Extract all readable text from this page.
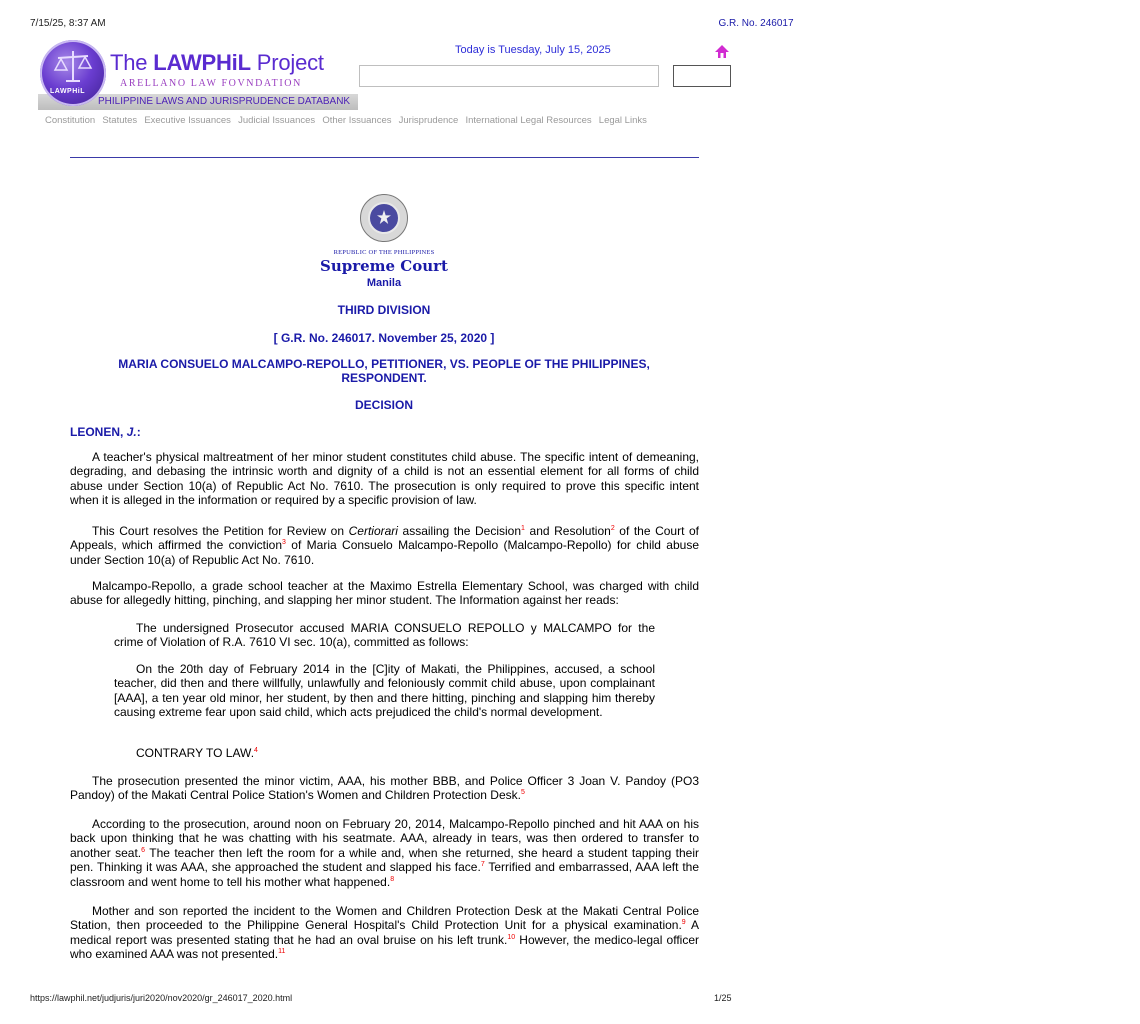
7/15/25, 8:37 AM	G.R. No. 246017
LAWPHiL
The LAWPHiL Project
ARELLANO LAW FOVNDATION
PHILIPPINE LAWS AND JURISPRUDENCE DATABANK
Today is Tuesday, July 15, 2025
Constitution Statutes Executive Issuances Judicial Issuances Other Issuances Jurisprudence International Legal Resources Legal Links
REPUBLIC OF THE PHILIPPINES
Supreme Court
Manila
THIRD DIVISION
[ G.R. No. 246017. November 25, 2020 ]
MARIA CONSUELO MALCAMPO-REPOLLO, PETITIONER, VS. PEOPLE OF THE PHILIPPINES, RESPONDENT.
DECISION
LEONEN, J.:
A teacher's physical maltreatment of her minor student constitutes child abuse. The specific intent of demeaning, degrading, and debasing the intrinsic worth and dignity of a child is not an essential element for all forms of child abuse under Section 10(a) of Republic Act No. 7610. The prosecution is only required to prove this specific intent when it is alleged in the information or required by a specific provision of law.
This Court resolves the Petition for Review on Certiorari assailing the Decision$^1$ and Resolution$^2$ of the Court of Appeals, which affirmed the conviction$^3$ of Maria Consuelo Malcampo-Repollo (Malcampo-Repollo) for child abuse under Section 10(a) of Republic Act No. 7610.
Malcampo-Repollo, a grade school teacher at the Maximo Estrella Elementary School, was charged with child abuse for allegedly hitting, pinching, and slapping her minor student. The Information against her reads:
The undersigned Prosecutor accused MARIA CONSUELO REPOLLO y MALCAMPO for the crime of Violation of R.A. 7610 VI sec. 10(a), committed as follows:
On the 20th day of February 2014 in the [C]ity of Makati, the Philippines, accused, a school teacher, did then and there willfully, unlawfully and feloniously commit child abuse, upon complainant [AAA], a ten year old minor, her student, by then and there hitting, pinching and slapping him thereby causing extreme fear upon said child, which acts prejudiced the child's normal development.
CONTRARY TO LAW.$^4$
The prosecution presented the minor victim, AAA, his mother BBB, and Police Officer 3 Joan V. Pandoy (PO3 Pandoy) of the Makati Central Police Station's Women and Children Protection Desk.$^5$
According to the prosecution, around noon on February 20, 2014, Malcampo-Repollo pinched and hit AAA on his back upon thinking that he was chatting with his seatmate. AAA, already in tears, was then ordered to transfer to another seat.$^6$ The teacher then left the room for a while and, when she returned, she heard a student tapping their pen. Thinking it was AAA, she approached the student and slapped his face.$^7$ Terrified and embarrassed, AAA left the classroom and went home to tell his mother what happened.$^8$
Mother and son reported the incident to the Women and Children Protection Desk at the Makati Central Police Station, then proceeded to the Philippine General Hospital's Child Protection Unit for a physical examination.$^9$ A medical report was presented stating that he had an oval bruise on his left trunk.$^{10}$ However, the medico-legal officer who examined AAA was not presented.$^{11}$
https://lawphil.net/judjuris/juri2020/nov2020/gr_246017_2020.html	1/25
